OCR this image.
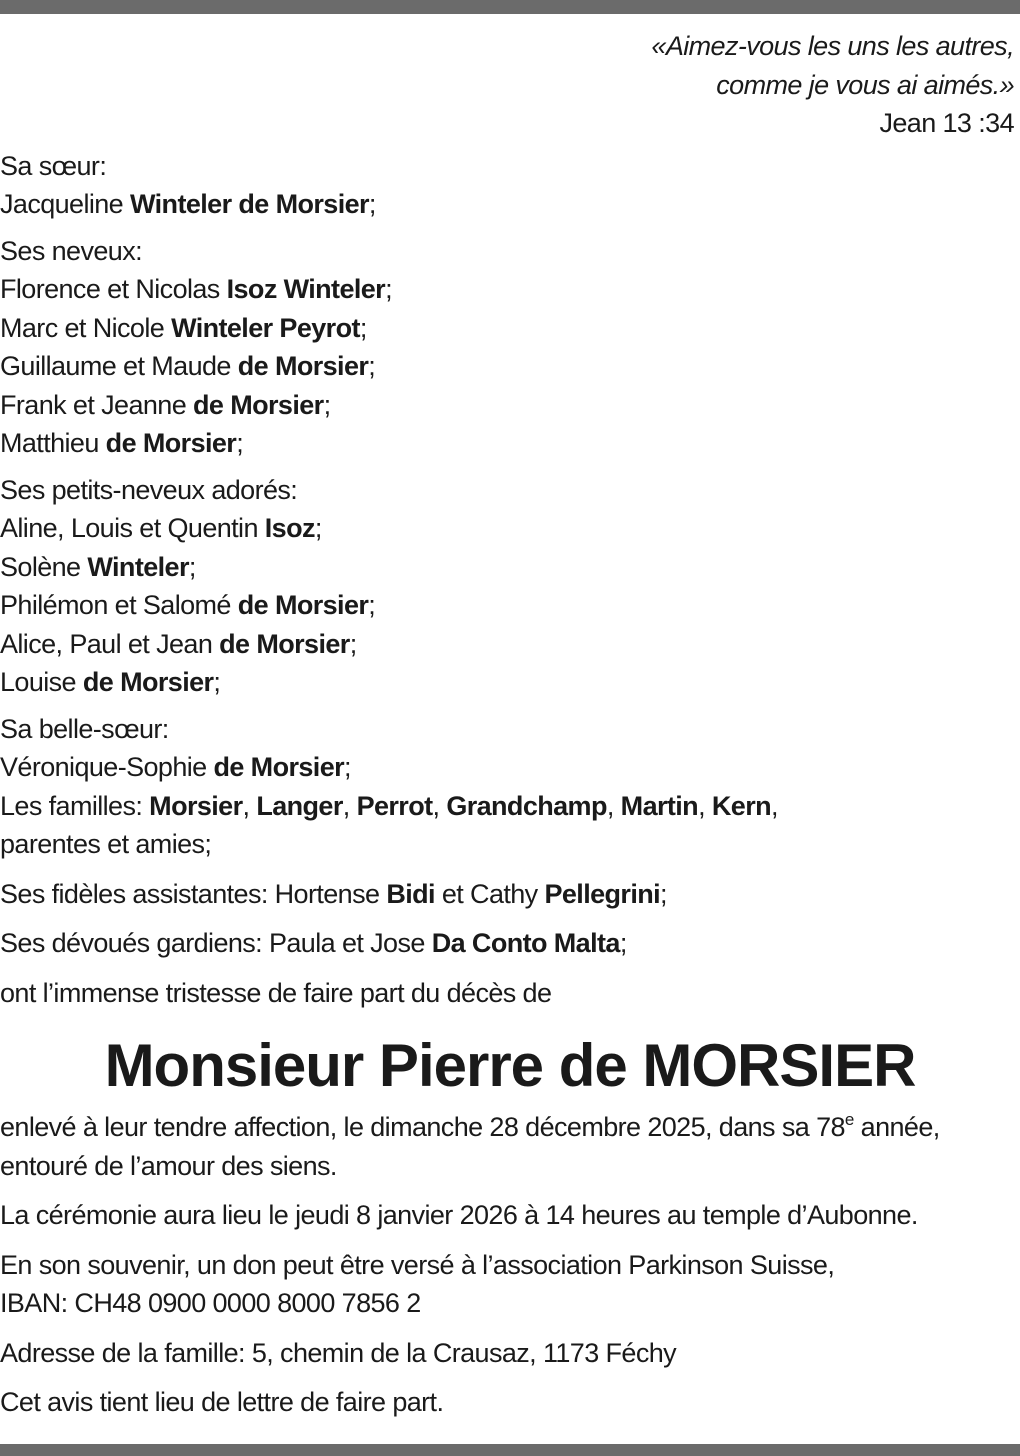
«Aimez-vous les uns les autres,
comme je vous ai aimés.»
Jean 13 :34
Sa sœur:
Jacqueline Winteler de Morsier;
Ses neveux:
Florence et Nicolas Isoz Winteler;
Marc et Nicole Winteler Peyrot;
Guillaume et Maude de Morsier;
Frank et Jeanne de Morsier;
Matthieu de Morsier;
Ses petits-neveux adorés:
Aline, Louis et Quentin Isoz;
Solène Winteler;
Philémon et Salomé de Morsier;
Alice, Paul et Jean de Morsier;
Louise de Morsier;
Sa belle-sœur:
Véronique-Sophie de Morsier;
Les familles: Morsier, Langer, Perrot, Grandchamp, Martin, Kern,
parentes et amies;
Ses fidèles assistantes: Hortense Bidi et Cathy Pellegrini;
Ses dévoués gardiens: Paula et Jose Da Conto Malta;
ont l’immense tristesse de faire part du décès de
Monsieur Pierre de MORSIER
enlevé à leur tendre affection, le dimanche 28 décembre 2025, dans sa 78e année,
entouré de l’amour des siens.
La cérémonie aura lieu le jeudi 8 janvier 2026 à 14 heures au temple d’Aubonne.
En son souvenir, un don peut être versé à l’association Parkinson Suisse,
IBAN: CH48 0900 0000 8000 7856 2
Adresse de la famille: 5, chemin de la Crausaz, 1173 Féchy
Cet avis tient lieu de lettre de faire part.
